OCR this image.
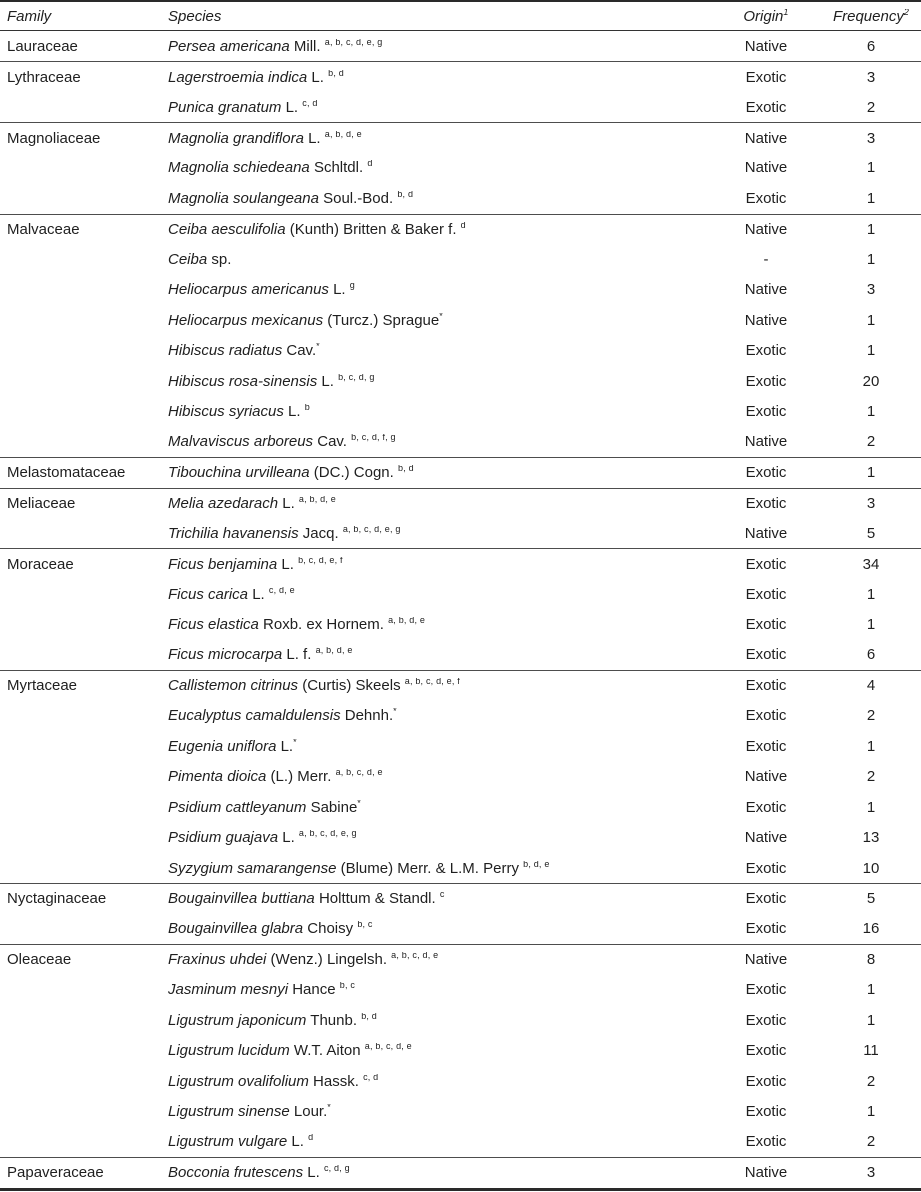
Family	Species	Origin$^1$	Frequency$^2$
Lauraceae	Persea americana Mill. $^{a, b, c, d, e, g}$	Native	6
Lythraceae	Lagerstroemia indica L. $^{b, d}$	Exotic	3
Punica granatum L. $^{c, d}$	Exotic	2
Magnoliaceae	Magnolia grandiflora L. $^{a, b, d, e}$	Native	3
Magnolia schiedeana Schltdl. $^d$	Native	1
Magnolia soulangeana Soul.-Bod. $^{b, d}$	Exotic	1
Malvaceae	Ceiba aesculifolia (Kunth) Britten & Baker f. $^d$	Native	1
Ceiba sp.	-	1
Heliocarpus americanus L. $^g$	Native	3
Heliocarpus mexicanus (Turcz.) Sprague*	Native	1
Hibiscus radiatus Cav.*	Exotic	1
Hibiscus rosa-sinensis L. $^{b, c, d, g}$	Exotic	20
Hibiscus syriacus L. $^b$	Exotic	1
Malvaviscus arboreus Cav. $^{b, c, d, f, g}$	Native	2
Melastomataceae	Tibouchina urvilleana (DC.) Cogn. $^{b, d}$	Exotic	1
Meliaceae	Melia azedarach L. $^{a, b, d, e}$	Exotic	3
Trichilia havanensis Jacq. $^{a, b, c, d, e, g}$	Native	5
Moraceae	Ficus benjamina L. $^{b, c, d, e, f}$	Exotic	34
Ficus carica L. $^{c, d, e}$	Exotic	1
Ficus elastica Roxb. ex Hornem. $^{a, b, d, e}$	Exotic	1
Ficus microcarpa L. f. $^{a, b, d, e}$	Exotic	6
Myrtaceae	Callistemon citrinus (Curtis) Skeels $^{a, b, c, d, e, f}$	Exotic	4
Eucalyptus camaldulensis Dehnh.*	Exotic	2
Eugenia uniflora L.*	Exotic	1
Pimenta dioica (L.) Merr. $^{a, b, c, d, e}$	Native	2
Psidium cattleyanum Sabine*	Exotic	1
Psidium guajava L. $^{a, b, c, d, e, g}$	Native	13
Syzygium samarangense (Blume) Merr. & L.M. Perry $^{b, d, e}$	Exotic	10
Nyctaginaceae	Bougainvillea buttiana Holttum & Standl. $^c$	Exotic	5
Bougainvillea glabra Choisy $^{b, c}$	Exotic	16
Oleaceae	Fraxinus uhdei (Wenz.) Lingelsh. $^{a, b, c, d, e}$	Native	8
Jasminum mesnyi Hance $^{b, c}$	Exotic	1
Ligustrum japonicum Thunb. $^{b, d}$	Exotic	1
Ligustrum lucidum W.T. Aiton $^{a, b, c, d, e}$	Exotic	11
Ligustrum ovalifolium Hassk. $^{c, d}$	Exotic	2
Ligustrum sinense Lour.*	Exotic	1
Ligustrum vulgare L. $^d$	Exotic	2
Papaveraceae	Bocconia frutescens L. $^{c, d, g}$	Native	3
